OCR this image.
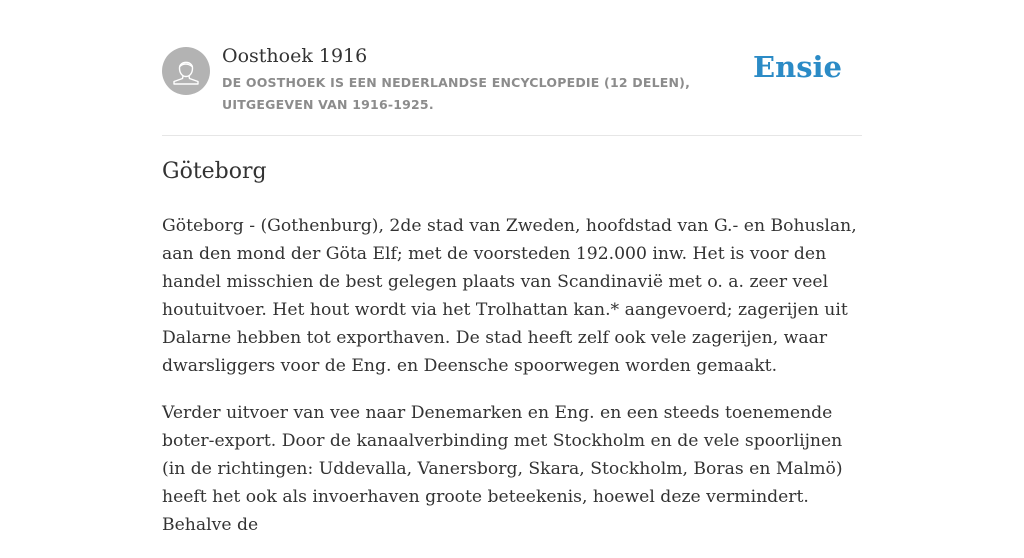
Oosthoek 1916
DE OOSTHOEK IS EEN NEDERLANDSE ENCYCLOPEDIE (12 DELEN), UITGEGEVEN VAN 1916-1925.
Ensie
Göteborg

Göteborg - (Gothenburg), 2de stad van Zweden, hoofdstad van G.- en Bohuslan, aan den mond der Göta Elf; met de voorsteden 192.000 inw. Het is voor den handel misschien de best gelegen plaats van Scandinavië met o. a. zeer veel houtuitvoer. Het hout wordt via het Trolhattan kan.* aangevoerd; zagerijen uit Dalarne hebben tot exporthaven. De stad heeft zelf ook vele zagerijen, waar dwarsliggers voor de Eng. en Deensche spoorwegen worden gemaakt.

Verder uitvoer van vee naar Denemarken en Eng. en een steeds toenemende boter-export. Door de kanaalverbinding met Stockholm en de vele spoorlijnen (in de richtingen: Uddevalla, Vanersborg, Skara, Stockholm, Boras en Malmö) heeft het ook als invoerhaven groote beteekenis, hoewel deze vermindert. Behalve de
